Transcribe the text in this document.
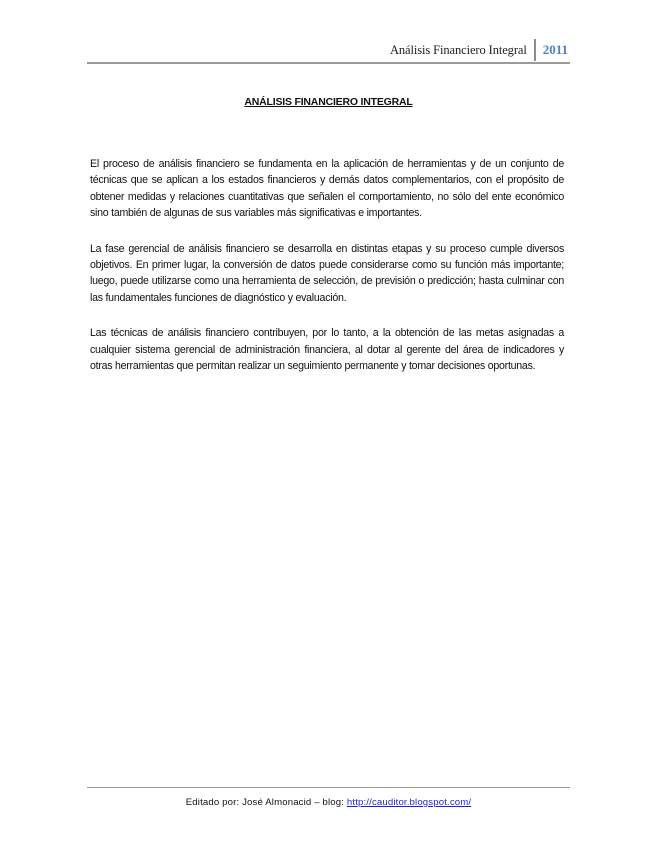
Análisis Financiero Integral	2011
ANÁLISIS FINANCIERO INTEGRAL

El proceso de análisis financiero se fundamenta en la aplicación de herramientas y de un conjunto de técnicas que se aplican a los estados financieros y demás datos complementarios, con el propósito de obtener medidas y relaciones cuantitativas que señalen el comportamiento, no sólo del ente económico sino también de algunas de sus variables más significativas e importantes.

La fase gerencial de análisis financiero se desarrolla en distintas etapas y su proceso cumple diversos objetivos. En primer lugar, la conversión de datos puede considerarse como su función más importante; luego, puede utilizarse como una herramienta de selección, de previsión o predicción; hasta culminar con las fundamentales funciones de diagnóstico y evaluación.

Las técnicas de análisis financiero contribuyen, por lo tanto, a la obtención de las metas asignadas a cualquier sistema gerencial de administración financiera, al dotar al gerente del área de indicadores y otras herramientas que permitan realizar un seguimiento permanente y tomar decisiones oportunas.

Editado por: José Almonacid – blog: http://cauditor.blogspot.com/
